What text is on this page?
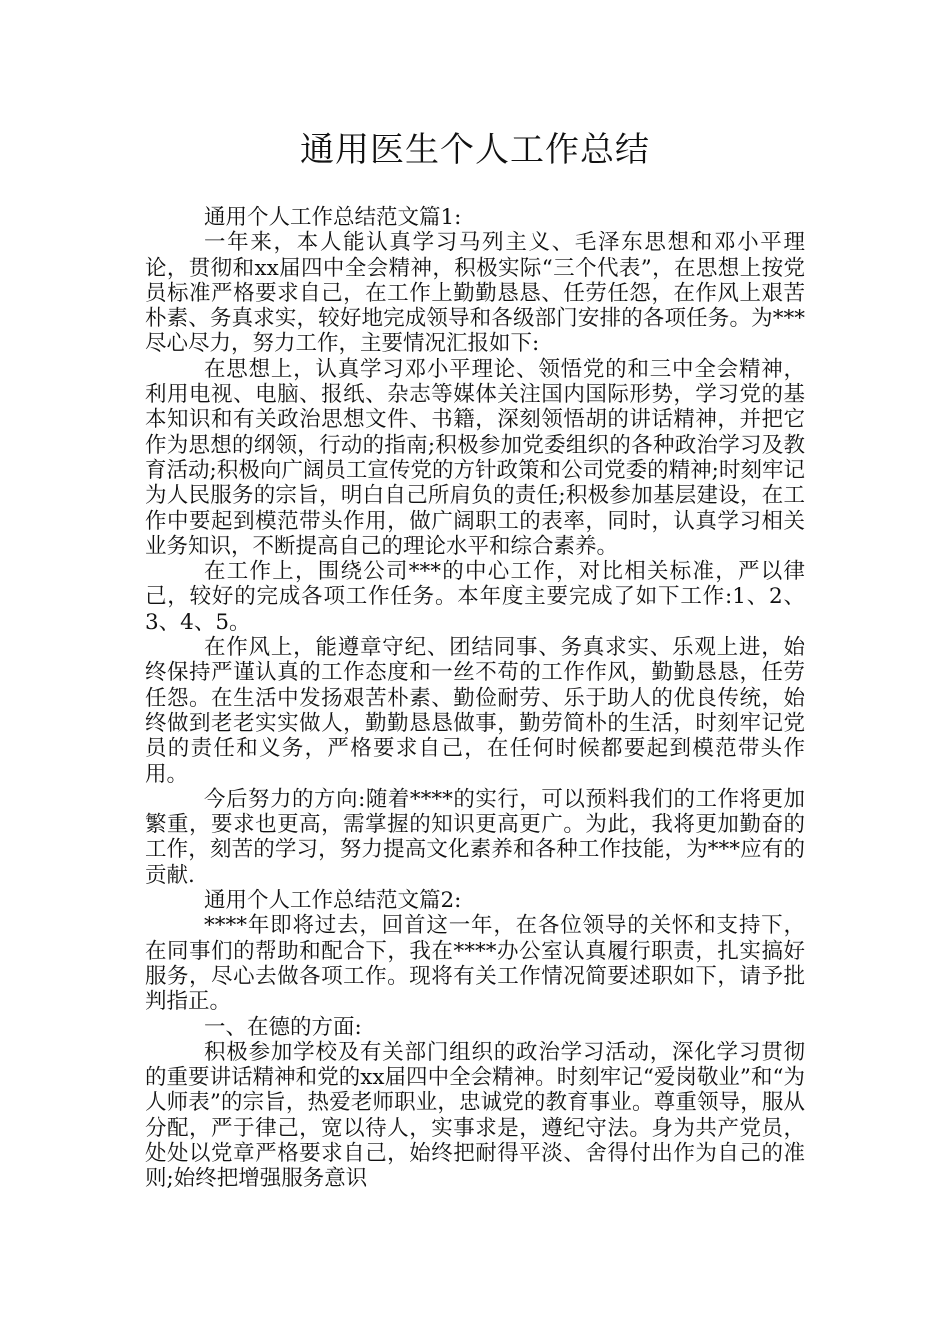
通用医生个人工作总结

通用个人工作总结范文篇1:

一年来，本人能认真学习马列主义、毛泽东思想和邓小平理论，贯彻和xx届四中全会精神，积极实际“三个代表”，在思想上按党员标准严格要求自己，在工作上勤勤恳恳、任劳任怨，在作风上艰苦朴素、务真求实，较好地完成领导和各级部门安排的各项任务。为***尽心尽力，努力工作，主要情况汇报如下:

在思想上，认真学习邓小平理论、领悟党的和三中全会精神，利用电视、电脑、报纸、杂志等媒体关注国内国际形势，学习党的基本知识和有关政治思想文件、书籍，深刻领悟胡的讲话精神，并把它作为思想的纲领，行动的指南;积极参加党委组织的各种政治学习及教育活动;积极向广阔员工宣传党的方针政策和公司党委的精神;时刻牢记为人民服务的宗旨，明白自己所肩负的责任;积极参加基层建设，在工作中要起到模范带头作用，做广阔职工的表率，同时，认真学习相关业务知识，不断提高自己的理论水平和综合素养。

在工作上，围绕公司***的中心工作，对比相关标准，严以律己，较好的完成各项工作任务。本年度主要完成了如下工作:1、2、3、4、5。

在作风上，能遵章守纪、团结同事、务真求实、乐观上进，始终保持严谨认真的工作态度和一丝不苟的工作作风，勤勤恳恳，任劳任怨。在生活中发扬艰苦朴素、勤俭耐劳、乐于助人的优良传统，始终做到老老实实做人，勤勤恳恳做事，勤劳简朴的生活，时刻牢记党员的责任和义务，严格要求自己，在任何时候都要起到模范带头作用。

今后努力的方向:随着****的实行，可以预料我们的工作将更加繁重，要求也更高，需掌握的知识更高更广。为此，我将更加勤奋的工作，刻苦的学习，努力提高文化素养和各种工作技能，为***应有的贡献.

通用个人工作总结范文篇2:

****年即将过去，回首这一年，在各位领导的关怀和支持下，在同事们的帮助和配合下，我在****办公室认真履行职责，扎实搞好服务，尽心去做各项工作。现将有关工作情况简要述职如下，请予批判指正。

一、在德的方面:

积极参加学校及有关部门组织的政治学习活动，深化学习贯彻的重要讲话精神和党的xx届四中全会精神。时刻牢记“爱岗敬业”和“为人师表”的宗旨，热爱老师职业，忠诚党的教育事业。尊重领导，服从分配，严于律己，宽以待人，实事求是，遵纪守法。身为共产党员，处处以党章严格要求自己，始终把耐得平淡、舍得付出作为自己的准则;始终把增强服务意识
